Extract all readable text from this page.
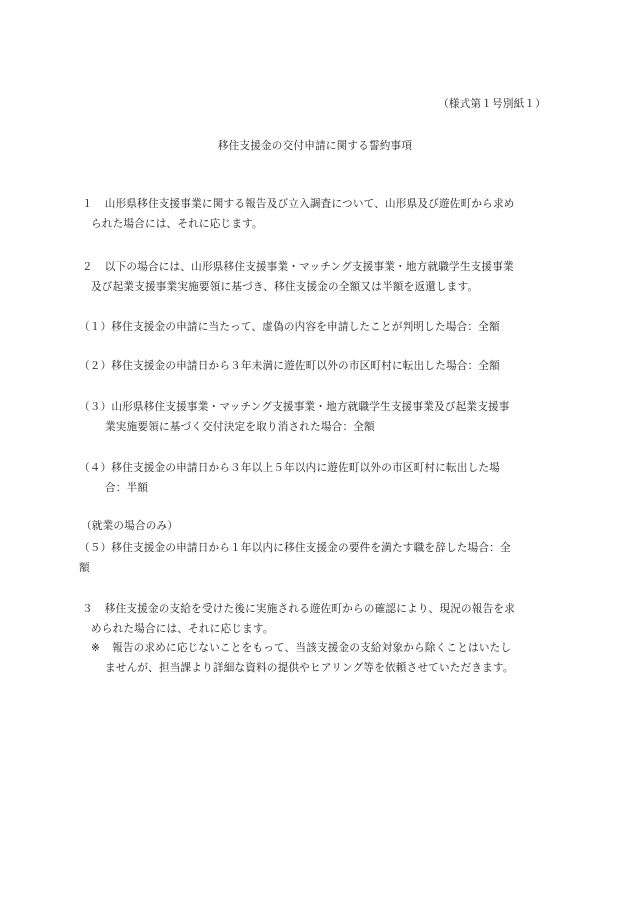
（様式第１号別紙１）
移住支援金の交付申請に関する誓約事項
１ 山形県移住支援事業に関する報告及び立入調査について、山形県及び遊佐町から求め
られた場合には、それに応じます。
２ 以下の場合には、山形県移住支援事業・マッチング支援事業・地方就職学生支援事業
及び起業支援事業実施要領に基づき、移住支援金の全額又は半額を返還します。
（１）移住支援金の申請に当たって、虚偽の内容を申請したことが判明した場合：全額
（２）移住支援金の申請日から３年未満に遊佐町以外の市区町村に転出した場合：全額
（３）山形県移住支援事業・マッチング支援事業・地方就職学生支援事業及び起業支援事
業実施要領に基づく交付決定を取り消された場合：全額
（４）移住支援金の申請日から３年以上５年以内に遊佐町以外の市区町村に転出した場
合：半額
（就業の場合のみ）
（５）移住支援金の申請日から１年以内に移住支援金の要件を満たす職を辞した場合：全
額
３ 移住支援金の支給を受けた後に実施される遊佐町からの確認により、現況の報告を求
められた場合には、それに応じます。
※ 報告の求めに応じないことをもって、当該支援金の支給対象から除くことはいたし
ませんが、担当課より詳細な資料の提供やヒアリング等を依頼させていただきます。
